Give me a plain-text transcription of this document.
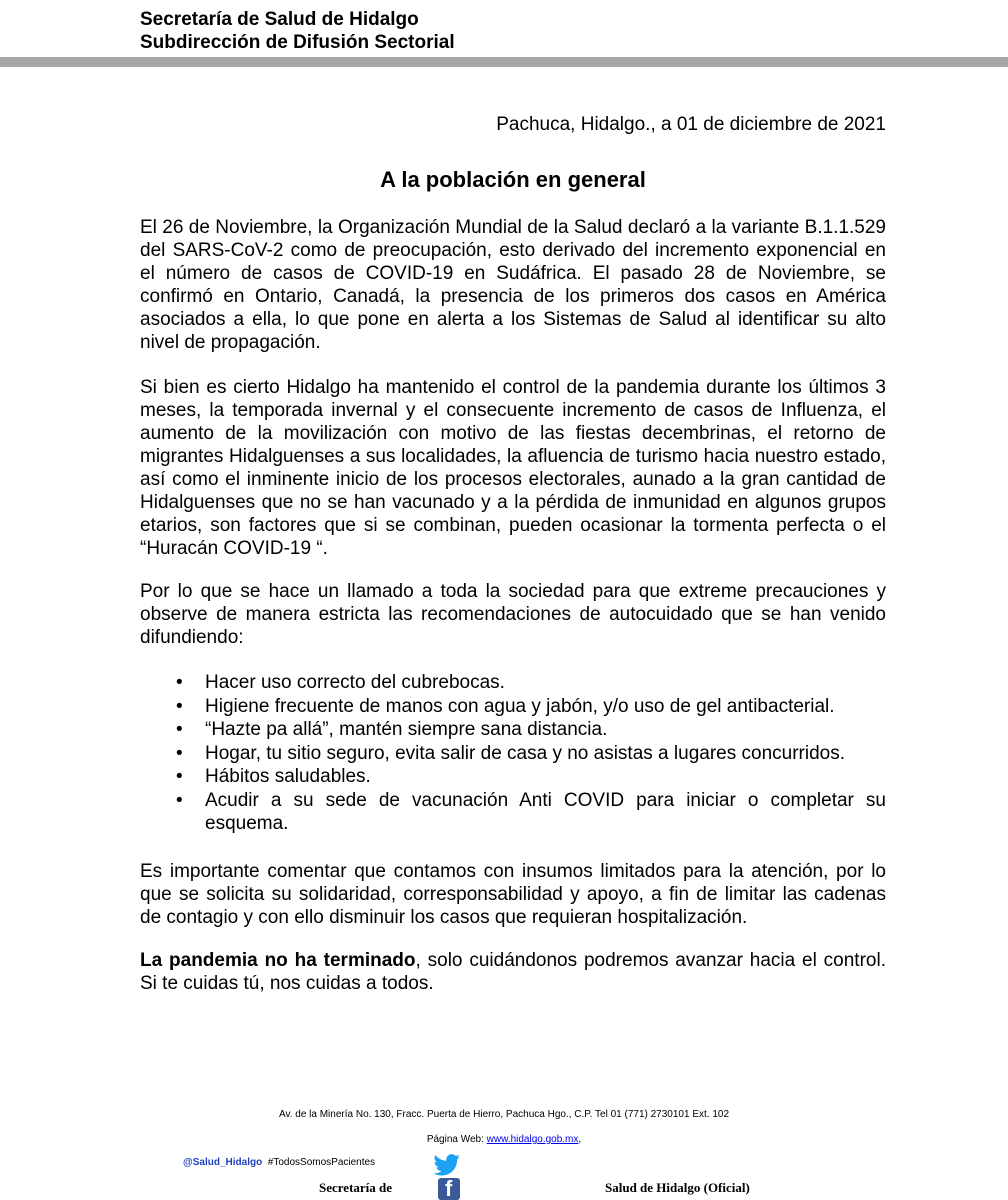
Secretaría de Salud de Hidalgo
Subdirección de Difusión Sectorial
Pachuca, Hidalgo., a 01 de diciembre de 2021
A la población en general

El 26 de Noviembre, la Organización Mundial de la Salud declaró a la variante B.1.1.529 del SARS-CoV-2 como de preocupación, esto derivado del incremento exponencial en el número de casos de COVID-19 en Sudáfrica. El pasado 28 de Noviembre, se confirmó en Ontario, Canadá, la presencia de los primeros dos casos en América asociados a ella, lo que pone en alerta a los Sistemas de Salud al identificar su alto nivel de propagación.

Si bien es cierto Hidalgo ha mantenido el control de la pandemia durante los últimos 3 meses, la temporada invernal y el consecuente incremento de casos de Influenza, el aumento de la movilización con motivo de las fiestas decembrinas, el retorno de migrantes Hidalguenses a sus localidades, la afluencia de turismo hacia nuestro estado, así como el inminente inicio de los procesos electorales, aunado a la gran cantidad de Hidalguenses que no se han vacunado y a la pérdida de inmunidad en algunos grupos etarios, son factores que si se combinan, pueden ocasionar la tormenta perfecta o el “Huracán COVID-19 “.

Por lo que se hace un llamado a toda la sociedad para que extreme precauciones y observe de manera estricta las recomendaciones de autocuidado que se han venido difundiendo:

• Hacer uso correcto del cubrebocas.
• Higiene frecuente de manos con agua y jabón, y/o uso de gel antibacterial.
• “Hazte pa allá”, mantén siempre sana distancia.
• Hogar, tu sitio seguro, evita salir de casa y no asistas a lugares concurridos.
• Hábitos saludables.
• Acudir a su sede de vacunación Anti COVID para iniciar o completar su esquema.

Es importante comentar que contamos con insumos limitados para la atención, por lo que se solicita su solidaridad, corresponsabilidad y apoyo, a fin de limitar las cadenas de contagio y con ello disminuir los casos que requieran hospitalización.

La pandemia no ha terminado, solo cuidándonos podremos avanzar hacia el control. Si te cuidas tú, nos cuidas a todos.

Av. de la Minería No. 130, Fracc. Puerta de Hierro, Pachuca Hgo., C.P. Tel 01 (771) 2730101 Ext. 102
Página Web: www.hidalgo.gob.mx,
@Salud_Hidalgo #TodosSomosPacientes
Secretaría de f	Salud de Hidalgo (Oficial)
